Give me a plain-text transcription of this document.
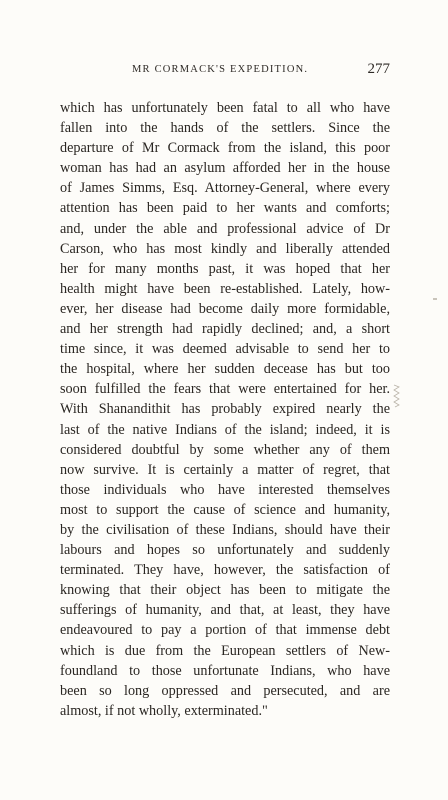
MR CORMACK'S EXPEDITION.	277
which has unfortunately been fatal to all who have
fallen into the hands of the settlers. Since the
departure of Mr Cormack from the island, this poor
woman has had an asylum afforded her in the house
of James Simms, Esq. Attorney-General, where every
attention has been paid to her wants and comforts;
and, under the able and professional advice of Dr
Carson, who has most kindly and liberally attended
her for many months past, it was hoped that her
health might have been re-established. Lately, how-
ever, her disease had become daily more formidable,
and her strength had rapidly declined; and, a short
time since, it was deemed advisable to send her to
the hospital, where her sudden decease has but too
soon fulfilled the fears that were entertained for her.
With Shanandithit has probably expired nearly the
last of the native Indians of the island; indeed, it is
considered doubtful by some whether any of them
now survive. It is certainly a matter of regret, that
those individuals who have interested themselves
most to support the cause of science and humanity,
by the civilisation of these Indians, should have their
labours and hopes so unfortunately and suddenly
terminated. They have, however, the satisfaction of
knowing that their object has been to mitigate the
sufferings of humanity, and that, at least, they have
endeavoured to pay a portion of that immense debt
which is due from the European settlers of New-
foundland to those unfortunate Indians, who have
been so long oppressed and persecuted, and are
almost, if not wholly, exterminated."
